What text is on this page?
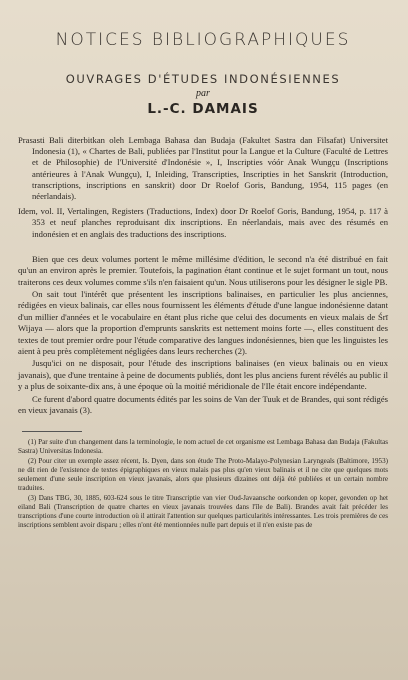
NOTICES BIBLIOGRAPHIQUES
OUVRAGES D'ÉTUDES INDONÉSIENNES
par
L.-C. DAMAIS

Prasasti Bali diterbitkan oleh Lembaga Bahasa dan Budaja (Fakultet Sastra dan Filsafat) Universitet Indonesia (1), « Chartes de Bali, publiées par l'Institut pour la Langue et la Culture (Faculté de Lettres et de Philosophie) de l'Université d'Indonésie », I, Inscripties vóór Anak Wungçu (Inscriptions antérieures à l'Anak Wungçu), I, Inleiding, Transcripties, Inscripties in het Sanskrit (Introduction, transcriptions, inscriptions en sanskrit) door Dr Roelof Goris, Bandung, 1954, 115 pages (en néerlandais).

Idem, vol. II, Vertalingen, Registers (Traductions, Index) door Dr Roelof Goris, Bandung, 1954, p. 117 à 353 et neuf planches reproduisant dix inscriptions. En néerlandais, mais avec des résumés en indonésien et en anglais des traductions des inscriptions.

Bien que ces deux volumes portent le même millésime d'édition, le second n'a été distribué en fait qu'un an environ après le premier. Toutefois, la pagination étant continue et le sujet formant un tout, nous traiterons ces deux volumes comme s'ils n'en faisaient qu'un. Nous utiliserons pour les désigner le sigle PB.

On sait tout l'intérêt que présentent les inscriptions balinaises, en particulier les plus anciennes, rédigées en vieux balinais, car elles nous fournissent les éléments d'étude d'une langue indonésienne datant d'un millier d'années et le vocabulaire en étant plus riche que celui des documents en vieux malais de Śrī Wijaya — alors que la proportion d'emprunts sanskrits est nettement moins forte —, elles constituent des textes de tout premier ordre pour l'étude comparative des langues indonésiennes, bien que les linguistes les aient à peu près complètement négligées dans leurs recherches (2).

Jusqu'ici on ne disposait, pour l'étude des inscriptions balinaises (en vieux balinais ou en vieux javanais), que d'une trentaine à peine de documents publiés, dont les plus anciens furent révélés au public il y a plus de soixante-dix ans, à une époque où la moitié méridionale de l'Ile était encore indépendante.

Ce furent d'abord quatre documents édités par les soins de Van der Tuuk et de Brandes, qui sont rédigés en vieux javanais (3).

(1) Par suite d'un changement dans la terminologie, le nom actuel de cet organisme est Lembaga Bahasa dan Budaja (Fakultas Sastra) Universitas Indonesia.

(2) Pour citer un exemple assez récent, Is. Dyen, dans son étude The Proto-Malayo-Polynesian Laryngeals (Baltimore, 1953) ne dit rien de l'existence de textes épigraphiques en vieux malais pas plus qu'en vieux balinais et il ne cite que quelques mots seulement d'une seule inscription en vieux javanais, alors que plusieurs dizaines ont déjà été publiées et un certain nombre traduites.

(3) Dans TBG, 30, 1885, 603-624 sous le titre Transcriptie van vier Oud-Javaansche oorkonden op koper, gevonden op het eiland Bali (Transcription de quatre chartes en vieux javanais trouvées dans l'île de Bali). Brandes avait fait précéder les transcriptions d'une courte introduction où il attirait l'attention sur quelques particularités intéressantes. Les trois premières de ces inscriptions semblent avoir disparu ; elles n'ont été mentionnées nulle part depuis et il n'en existe pas de
